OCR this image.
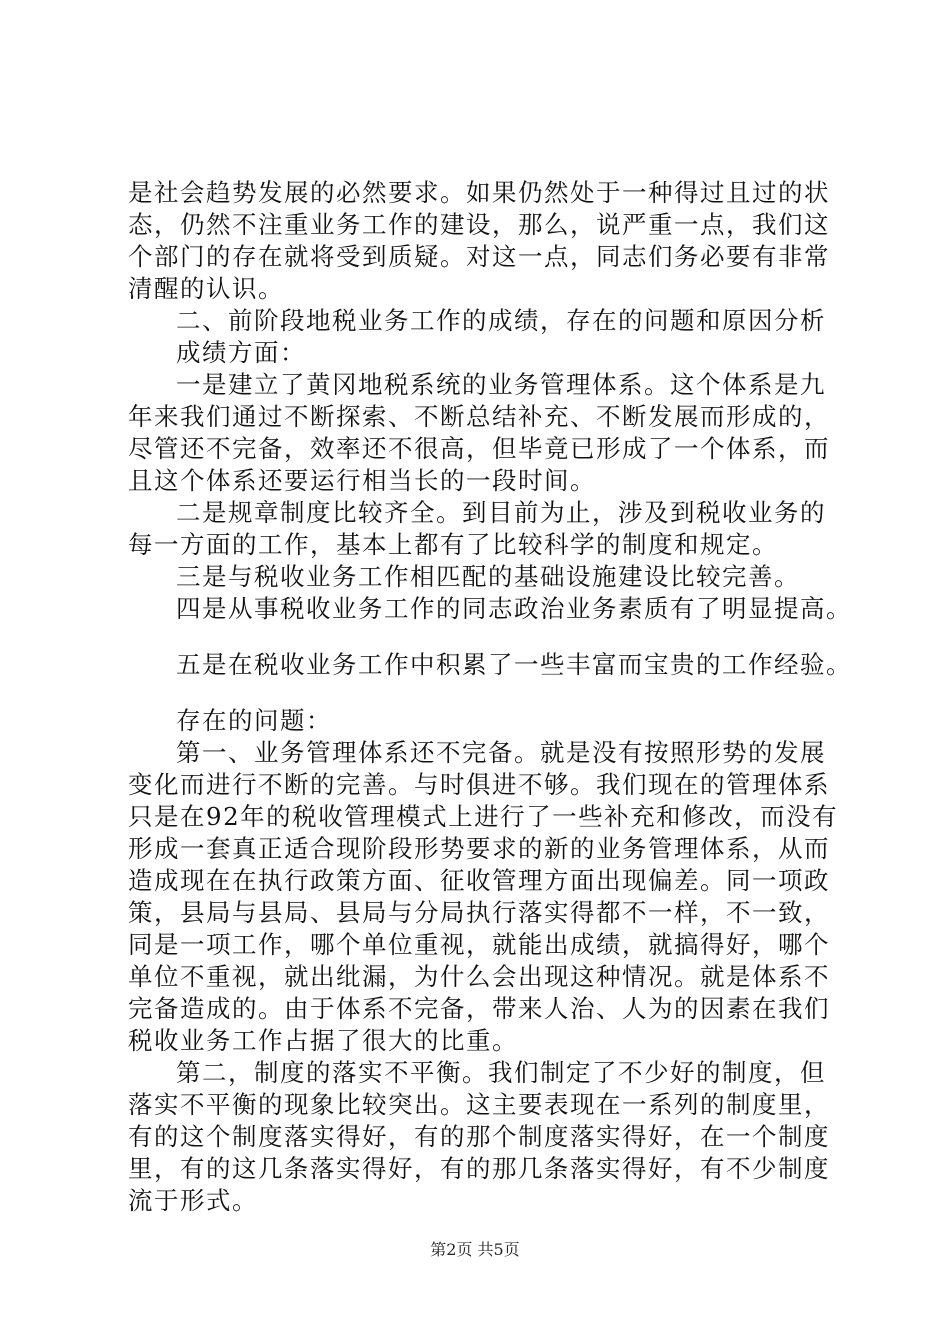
是社会趋势发展的必然要求。如果仍然处于一种得过且过的状
态，仍然不注重业务工作的建设，那么，说严重一点，我们这
个部门的存在就将受到质疑。对这一点，同志们务必要有非常
清醒的认识。
二、前阶段地税业务工作的成绩，存在的问题和原因分析
成绩方面：
一是建立了黄冈地税系统的业务管理体系。这个体系是九
年来我们通过不断探索、不断总结补充、不断发展而形成的，
尽管还不完备，效率还不很高，但毕竟已形成了一个体系，而
且这个体系还要运行相当长的一段时间。
二是规章制度比较齐全。到目前为止，涉及到税收业务的
每一方面的工作，基本上都有了比较科学的制度和规定。
三是与税收业务工作相匹配的基础设施建设比较完善。
四是从事税收业务工作的同志政治业务素质有了明显提高。
五是在税收业务工作中积累了一些丰富而宝贵的工作经验。
存在的问题：
第一、业务管理体系还不完备。就是没有按照形势的发展
变化而进行不断的完善。与时俱进不够。我们现在的管理体系
只是在92年的税收管理模式上进行了一些补充和修改，而没有
形成一套真正适合现阶段形势要求的新的业务管理体系，从而
造成现在在执行政策方面、征收管理方面出现偏差。同一项政
策，县局与县局、县局与分局执行落实得都不一样，不一致，
同是一项工作，哪个单位重视，就能出成绩，就搞得好，哪个
单位不重视，就出纰漏，为什么会出现这种情况。就是体系不
完备造成的。由于体系不完备，带来人治、人为的因素在我们
税收业务工作占据了很大的比重。
第二，制度的落实不平衡。我们制定了不少好的制度，但
落实不平衡的现象比较突出。这主要表现在一系列的制度里，
有的这个制度落实得好，有的那个制度落实得好，在一个制度
里，有的这几条落实得好，有的那几条落实得好，有不少制度
流于形式。
第2页 共5页
